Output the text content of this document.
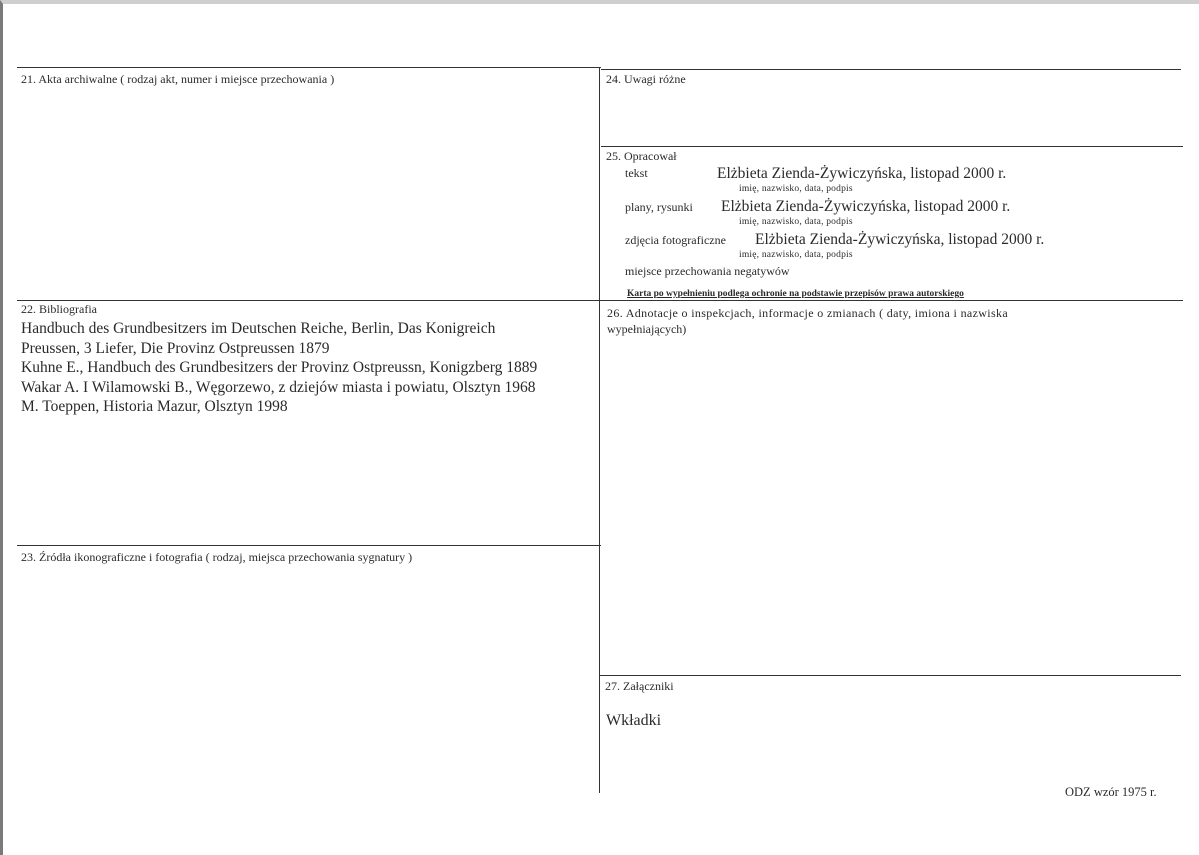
21. Akta archiwalne ( rodzaj akt, numer i miejsce przechowania )	24. Uwagi różne
25. Opracował
tekst	Elżbieta Zienda-Żywiczyńska, listopad 2000 r.
imię, nazwisko, data, podpis
plany, rysunki Elżbieta Zienda-Żywiczyńska, listopad 2000 r.
imię, nazwisko, data, podpis
zdjęcia fotograficzne Elżbieta Zienda-Żywiczyńska, listopad 2000 r.
imię, nazwisko, data, podpis
miejsce przechowania negatywów
Karta po wypełnieniu podlega ochronie na podstawie przepisów prawa autorskiego
22. Bibliografia
Handbuch des Grundbesitzers im Deutschen Reiche, Berlin, Das Konigreich
Preussen, 3 Liefer, Die Provinz Ostpreussen 1879
Kuhne E., Handbuch des Grundbesitzers der Provinz Ostpreussn, Konigzberg 1889
Wakar A. I Wilamowski B., Węgorzewo, z dziejów miasta i powiatu, Olsztyn 1968
M. Toeppen, Historia Mazur, Olsztyn 1998
26. Adnotacje o inspekcjach, informacje o zmianach ( daty, imiona i nazwiska
wypełniających)
23. Źródła ikonograficzne i fotografia ( rodzaj, miejsca przechowania sygnatury )
27. Załączniki
Wkładki
ODZ wzór 1975 r.
